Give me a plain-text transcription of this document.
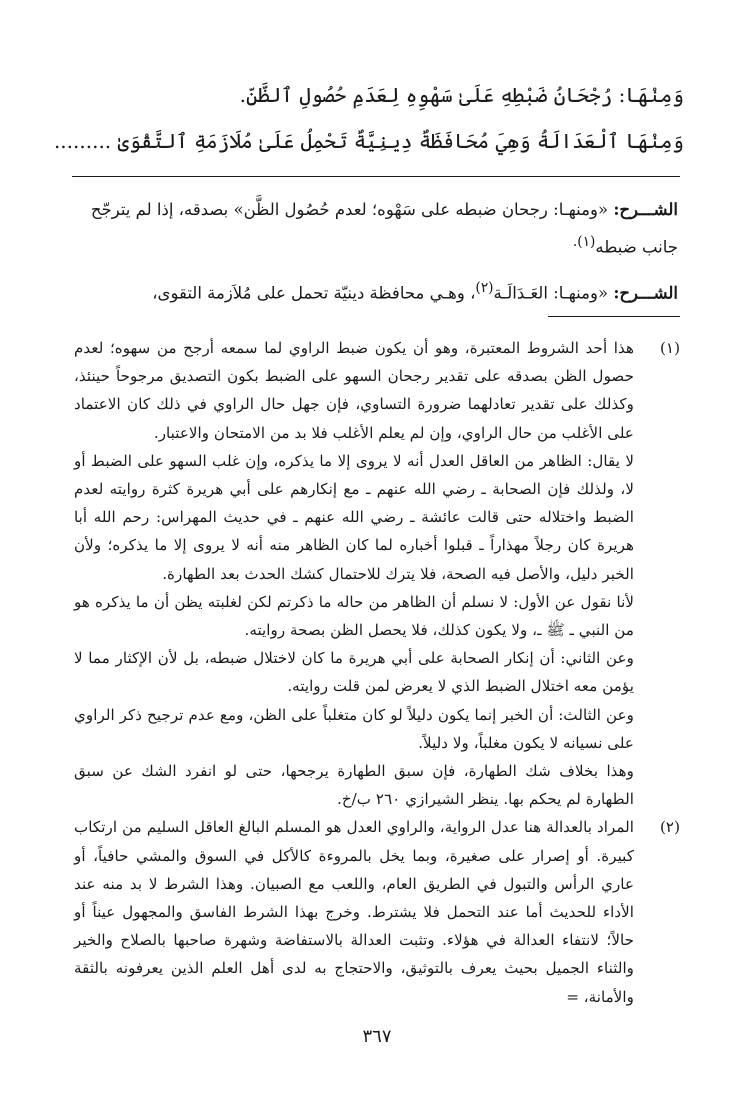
وَمِنْهَا: رُجْحَانُ ضَبْطِهِ عَلَىٰ سَهْوِهِ لِعَدَمِ حُصُولِ ٱلظَّنِّ.
وَمِنْهَا ٱلْعَدَالَةُ وَهِيَ مُحَافَظَةٌ دِينِيَّةٌ تَحْمِلُ عَلَىٰ مُلَازَمَةِ ٱلتَّقْوَىٰ .........
الشـــرح: «ومنهـا: رجحان ضبطه على سَهْوه؛ لعدم حُصُول الظَّن» بصدقه، إذا لم يترجّح جانب ضبطه$^{(١).}$
الشـــرح: «ومنهـا: العَـدَالَـة$^{(٢)}$، وهـي محافظة دينيّة تحمل على مُلاَزمة التقوى،
(١)

هذا أحد الشروط المعتبرة، وهو أن يكون ضبط الراوي لما سمعه أرجح من سهوه؛ لعدم حصول الظن بصدقه على تقدير رجحان السهو على الضبط بكون التصديق مرجوحاً حينئذ، وكذلك على تقدير تعادلهما ضرورة التساوي، فإن جهل حال الراوي في ذلك كان الاعتماد على الأغلب من حال الراوي، وإن لم يعلم الأغلب فلا بد من الامتحان والاعتبار.

لا يقال: الظاهر من العاقل العدل أنه لا يروى إلا ما يذكره، وإن غلب السهو على الضبط أو لا، ولذلك فإن الصحابة ـ رضي الله عنهم ـ مع إنكارهم على أبي هريرة كثرة روايته لعدم الضبط واختلاله حتى قالت عائشة ـ رضي الله عنهم ـ في حديث المهراس: رحم الله أبا هريرة كان رجلاً مهذاراً ـ قبلوا أخباره لما كان الظاهر منه أنه لا يروى إلا ما يذكره؛ ولأن الخبر دليل، والأصل فيه الصحة، فلا يترك للاحتمال كشك الحدث بعد الطهارة.

لأنا نقول عن الأول: لا نسلم أن الظاهر من حاله ما ذكرتم لكن لغلبته يظن أن ما يذكره هو من النبي ـ ﷺ ـ، ولا يكون كذلك، فلا يحصل الظن بصحة روايته.

وعن الثاني: أن إنكار الصحابة على أبي هريرة ما كان لاختلال ضبطه، بل لأن الإكثار مما لا يؤمن معه اختلال الضبط الذي لا يعرض لمن قلت روايته.

وعن الثالث: أن الخبر إنما يكون دليلاً لو كان متغلباً على الظن، ومع عدم ترجيح ذكر الراوي على نسيانه لا يكون مغلباً، ولا دليلاً.

وهذا بخلاف شك الطهارة، فإن سبق الطهارة يرجحها، حتى لو انفرد الشك عن سبق الطهارة لم يحكم بها. ينظر الشيرازي ٢٦٠ ب/خ.

(٢)

المراد بالعدالة هنا عدل الرواية، والراوي العدل هو المسلم البالغ العاقل السليم من ارتكاب كبيرة. أو إصرار على صغيرة، وبما يخل بالمروءة كالأكل في السوق والمشي حافياً، أو عاري الرأس والتبول في الطريق العام، واللعب مع الصبيان. وهذا الشرط لا بد منه عند الأداء للحديث أما عند التحمل فلا يشترط. وخرج بهذا الشرط الفاسق والمجهول عيناً أو حالاً؛ لانتفاء العدالة في هؤلاء. وتثبت العدالة بالاستفاضة وشهرة صاحبها بالصلاح والخير والثناء الجميل بحيث يعرف بالتوثيق، والاحتجاج به لدى أهل العلم الذين يعرفونه بالثقة والأمانة، =

٣٦٧
